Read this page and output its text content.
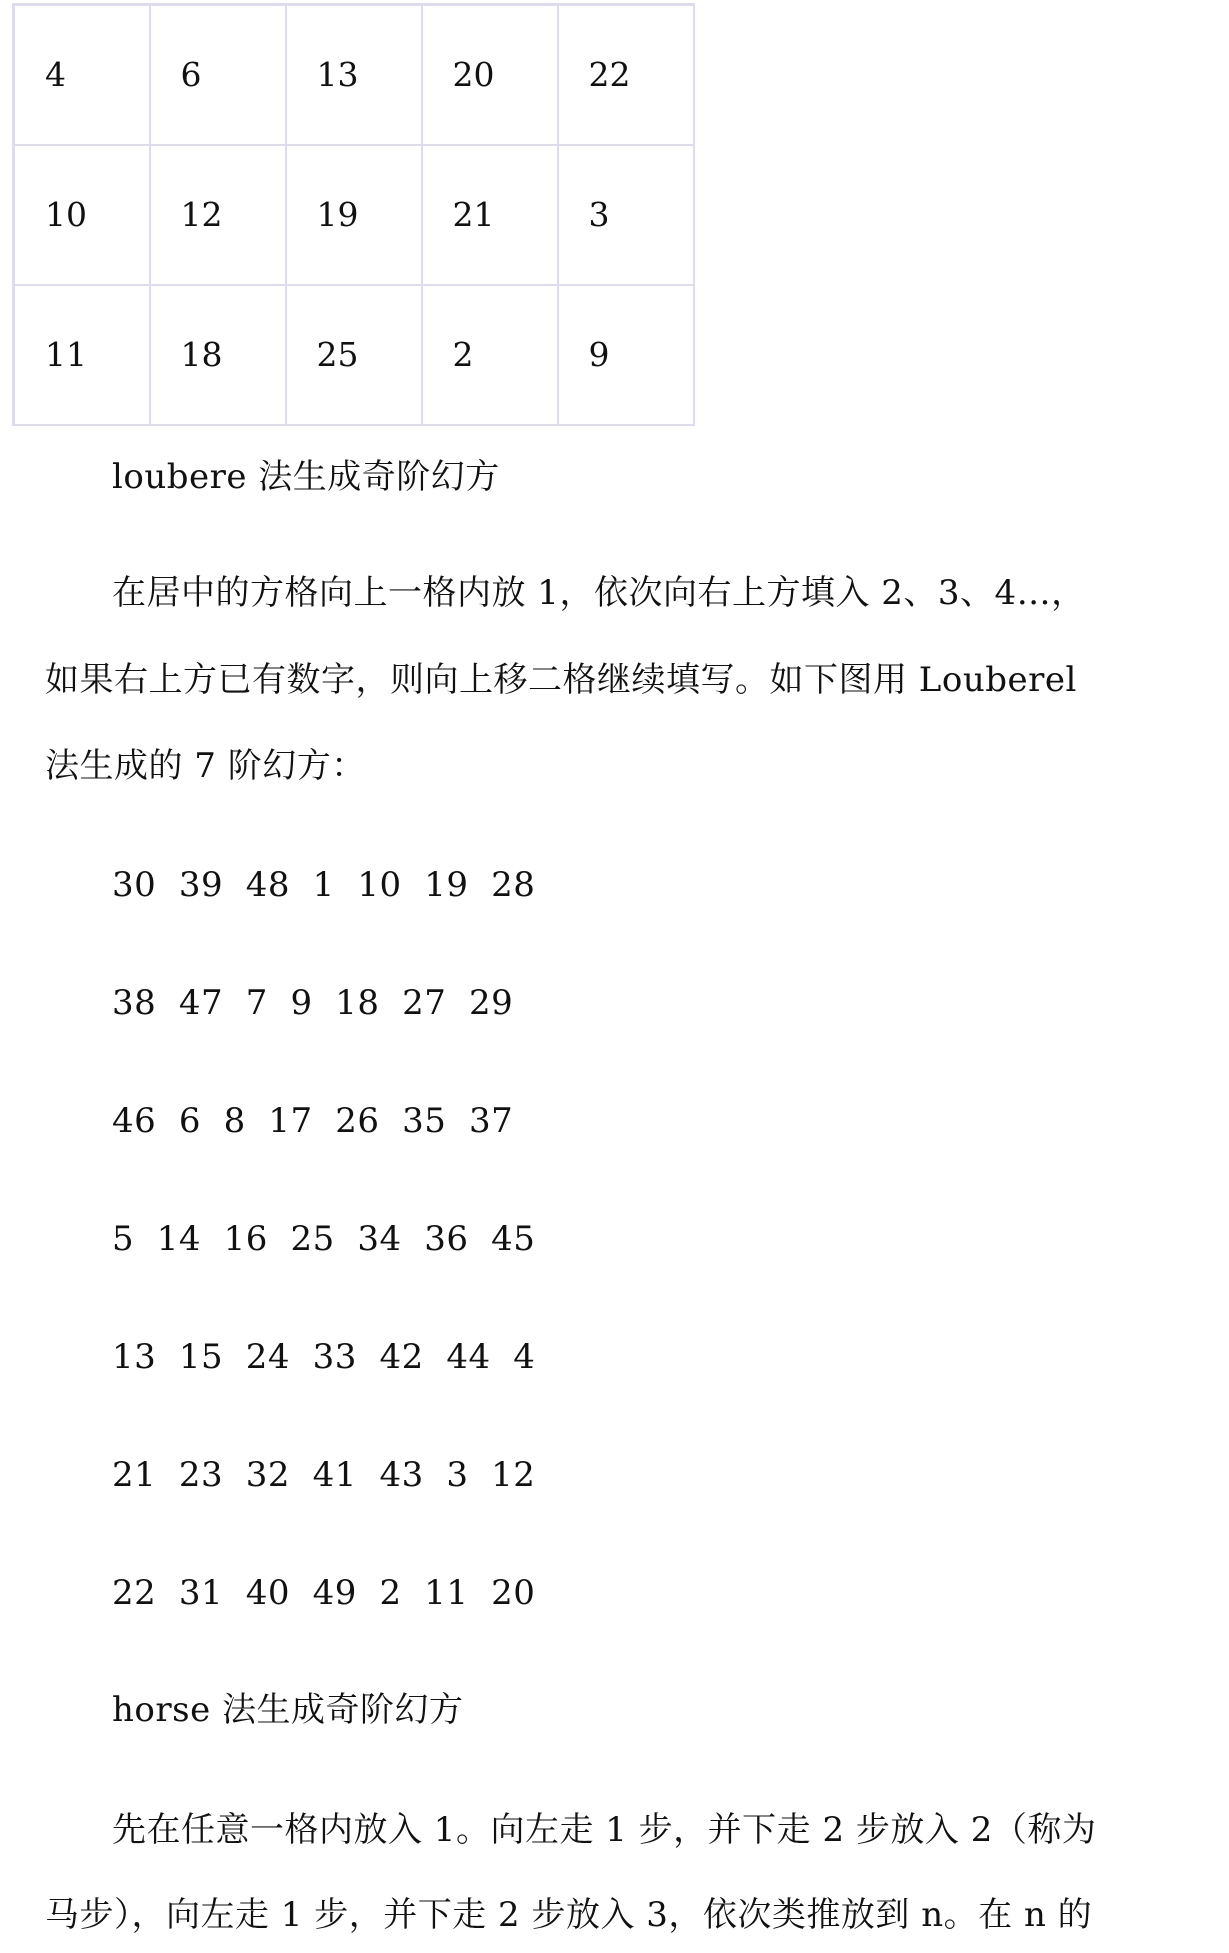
4	6	13	20	22
10	12	19	21	3
11	18	25	2	9
loubere 法生成奇阶幻方
在居中的方格向上一格内放 1，依次向右上方填入 2、3、4…，
如果右上方已有数字，则向上移二格继续填写。如下图用 Louberel
法生成的 7 阶幻方：
30  39  48  1  10  19  28
38  47  7  9  18  27  29
46  6  8  17  26  35  37
5  14  16  25  34  36  45
13  15  24  33  42  44  4
21  23  32  41  43  3  12
22  31  40  49  2  11  20
horse 法生成奇阶幻方
先在任意一格内放入 1。向左走 1 步，并下走 2 步放入 2（称为
马步），向左走 1 步，并下走 2 步放入 3，依次类推放到 n。在 n 的
